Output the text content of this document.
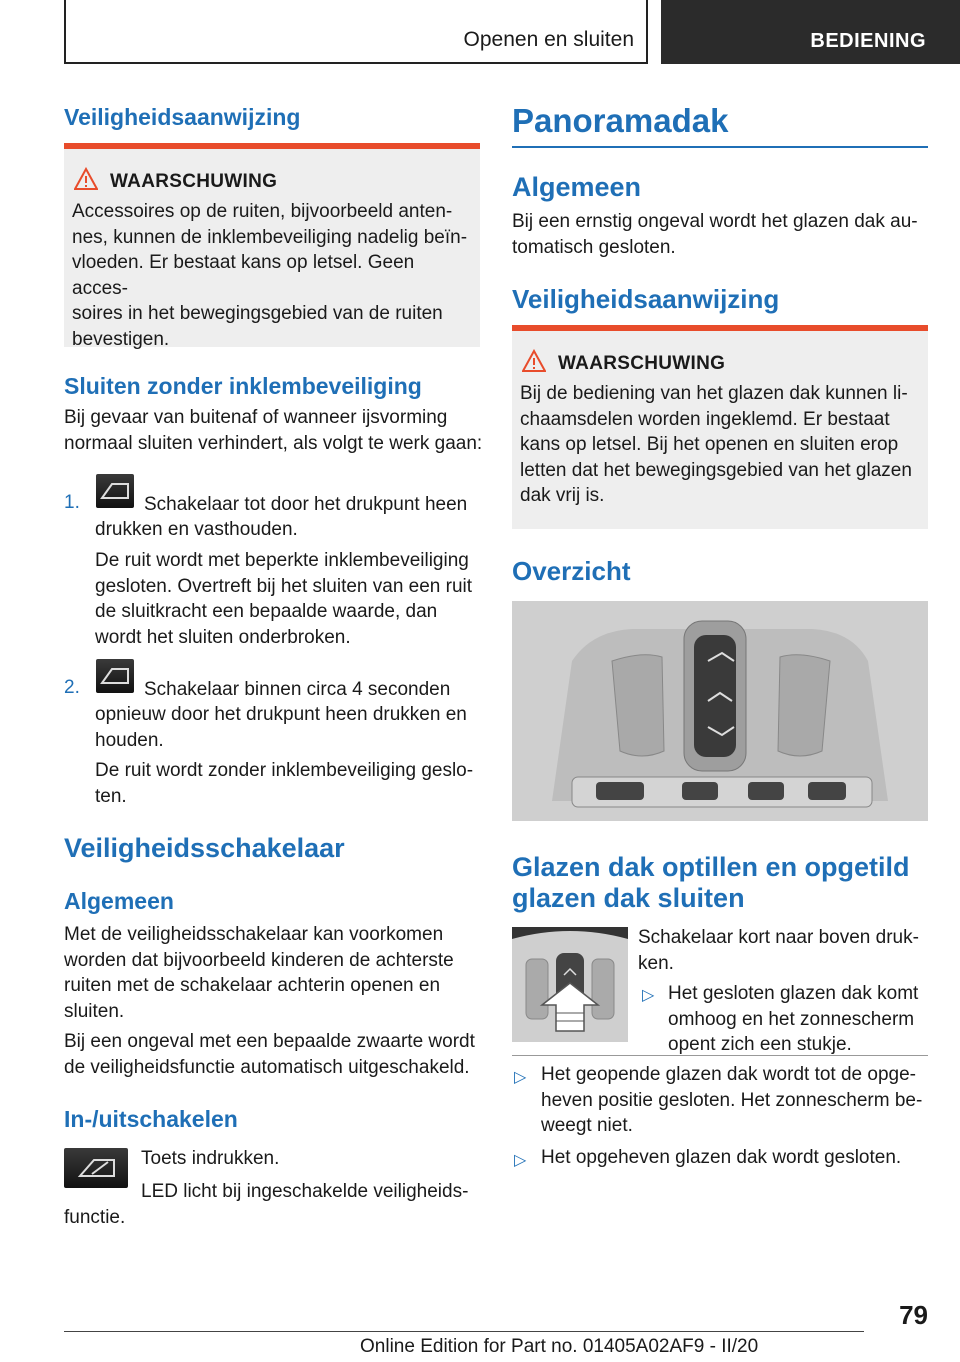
Openen en sluiten	BEDIENING
Veiligheidsaanwijzing
WAARSCHUWING
Accessoires op de ruiten, bijvoorbeeld anten-
nes, kunnen de inklembeveiliging nadelig beïn-
vloeden. Er bestaat kans op letsel. Geen acces-
soires in het bewegingsgebied van de ruiten
bevestigen.
Sluiten zonder inklembeveiliging
Bij gevaar van buitenaf of wanneer ijsvorming
normaal sluiten verhindert, als volgt te werk gaan:
1.	Schakelaar tot door het drukpunt heen
drukken en vasthouden.
De ruit wordt met beperkte inklembeveiliging
gesloten. Overtreft bij het sluiten van een ruit
de sluitkracht een bepaalde waarde, dan
wordt het sluiten onderbroken.
2.	Schakelaar binnen circa 4 seconden
opnieuw door het drukpunt heen drukken en
houden.
De ruit wordt zonder inklembeveiliging geslo-
ten.
Veiligheidsschakelaar
Algemeen
Met de veiligheidsschakelaar kan voorkomen
worden dat bijvoorbeeld kinderen de achterste
ruiten met de schakelaar achterin openen en
sluiten.
Bij een ongeval met een bepaalde zwaarte wordt
de veiligheidsfunctie automatisch uitgeschakeld.
In-/uitschakelen
Toets indrukken.
LED licht bij ingeschakelde veiligheids-
functie.
Panoramadak
Algemeen
Bij een ernstig ongeval wordt het glazen dak au-
tomatisch gesloten.
Veiligheidsaanwijzing
WAARSCHUWING
Bij de bediening van het glazen dak kunnen li-
chaamsdelen worden ingeklemd. Er bestaat
kans op letsel. Bij het openen en sluiten erop
letten dat het bewegingsgebied van het glazen
dak vrij is.
Overzicht
Glazen dak optillen en opgetild
glazen dak sluiten
Schakelaar kort naar boven druk-
ken.
▷ Het gesloten glazen dak komt
omhoog en het zonnescherm
opent zich een stukje.
▷ Het geopende glazen dak wordt tot de opge-
heven positie gesloten. Het zonnescherm be-
weegt niet.
▷ Het opgeheven glazen dak wordt gesloten.
79
Online Edition for Part no. 01405A02AF9 - II/20
